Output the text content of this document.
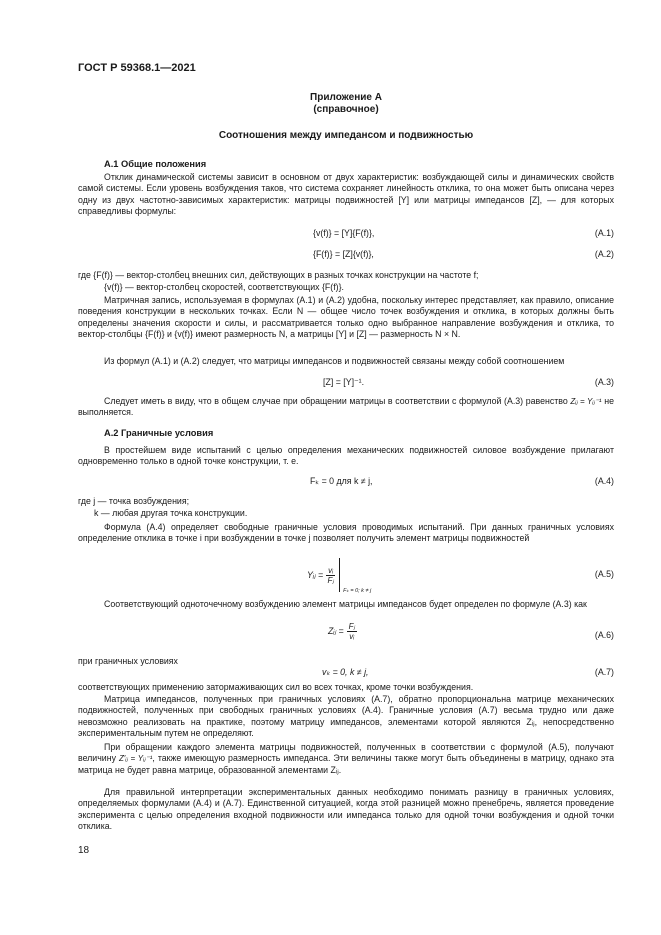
ГОСТ Р 59368.1—2021
Приложение А
(справочное)
Соотношения между импедансом и подвижностью
А.1 Общие положения

Отклик динамической системы зависит в основном от двух характеристик: возбуждающей силы и динамических свойств самой системы. Если уровень возбуждения таков, что система сохраняет линейность отклика, то она может быть описана через одну из двух частотно-зависимых характеристик: матрицы подвижностей [Y] или матрицы импедансов [Z], — для которых справедливы формулы:

{v(f)} = [Y]{F(f)},	(А.1)
{F(f)} = [Z]{v(f)},	(А.2)
где {F(f)} — вектор-столбец внешних сил, действующих в разных точках конструкции на частоте f;
{v(f)} — вектор-столбец скоростей, соответствующих {F(f)}.

Матричная запись, используемая в формулах (А.1) и (А.2) удобна, поскольку интерес представляет, как правило, описание поведения конструкции в нескольких точках. Если N — общее число точек возбуждения и отклика, в которых должны быть определены значения скорости и силы, и рассматривается только одно выбранное направление возбуждения и отклика, то вектор-столбцы {F(f)} и {v(f)} имеют размерность N, а матрицы [Y] и [Z] — размерность N × N.

Из формул (А.1) и (А.2) следует, что матрицы импедансов и подвижностей связаны между собой соотношением

[Z] = [Y]⁻¹.	(А.3)

Следует иметь в виду, что в общем случае при обращении матрицы в соответствии с формулой (А.3) равенство Zᵢⱼ = Yᵢⱼ⁻¹ не выполняется.

А.2 Граничные условия

В простейшем виде испытаний с целью определения механических подвижностей силовое возбуждение прилагают одновременно только в одной точке конструкции, т. е.

Fₖ = 0 для k ≠ j,	(А.4)
где j — точка возбуждения;
k — любая другая точка конструкции.

Формула (А.4) определяет свободные граничные условия проводимых испытаний. При данных граничных условиях определение отклика в точке i при возбуждении в точке j позволяет получить элемент матрицы подвижностей

Yᵢⱼ = $\frac{\text{vᵢ}}{\text{Fⱼ}}$
Fₖ = 0; k ≠ j
(А.5)

Соответствующий одноточечному возбуждению элемент матрицы импедансов будет определен по формуле (А.3) как

Zᵢⱼ = $\frac{\text{Fⱼ}}{\text{vᵢ}}$	(А.6)
при граничных условиях
vₖ = 0, k ≠ j,	(А.7)
соответствующих применению затормаживающих сил во всех точках, кроме точки возбуждения.

Матрица импедансов, полученных при граничных условиях (А.7), обратно пропорциональна матрице механических подвижностей, полученных при свободных граничных условиях (А.4). Граничные условия (А.7) весьма трудно или даже невозможно реализовать на практике, поэтому матрицу импедансов, элементами которой являются Zᵢⱼ, непосредственно экспериментальным путем не определяют.

При обращении каждого элемента матрицы подвижностей, полученных в соответствии с формулой (А.5), получают величину Z′ᵢⱼ = Yᵢⱼ⁻¹, также имеющую размерность импеданса. Эти величины также могут быть объединены в матрицу, однако эта матрица не будет равна матрице, образованной элементами Zᵢⱼ.

Для правильной интерпретации экспериментальных данных необходимо понимать разницу в граничных условиях, определяемых формулами (А.4) и (А.7). Единственной ситуацией, когда этой разницей можно пренебречь, является проведение эксперимента с целью определения входной подвижности или импеданса только для одной точки возбуждения и одной точки отклика.

18
